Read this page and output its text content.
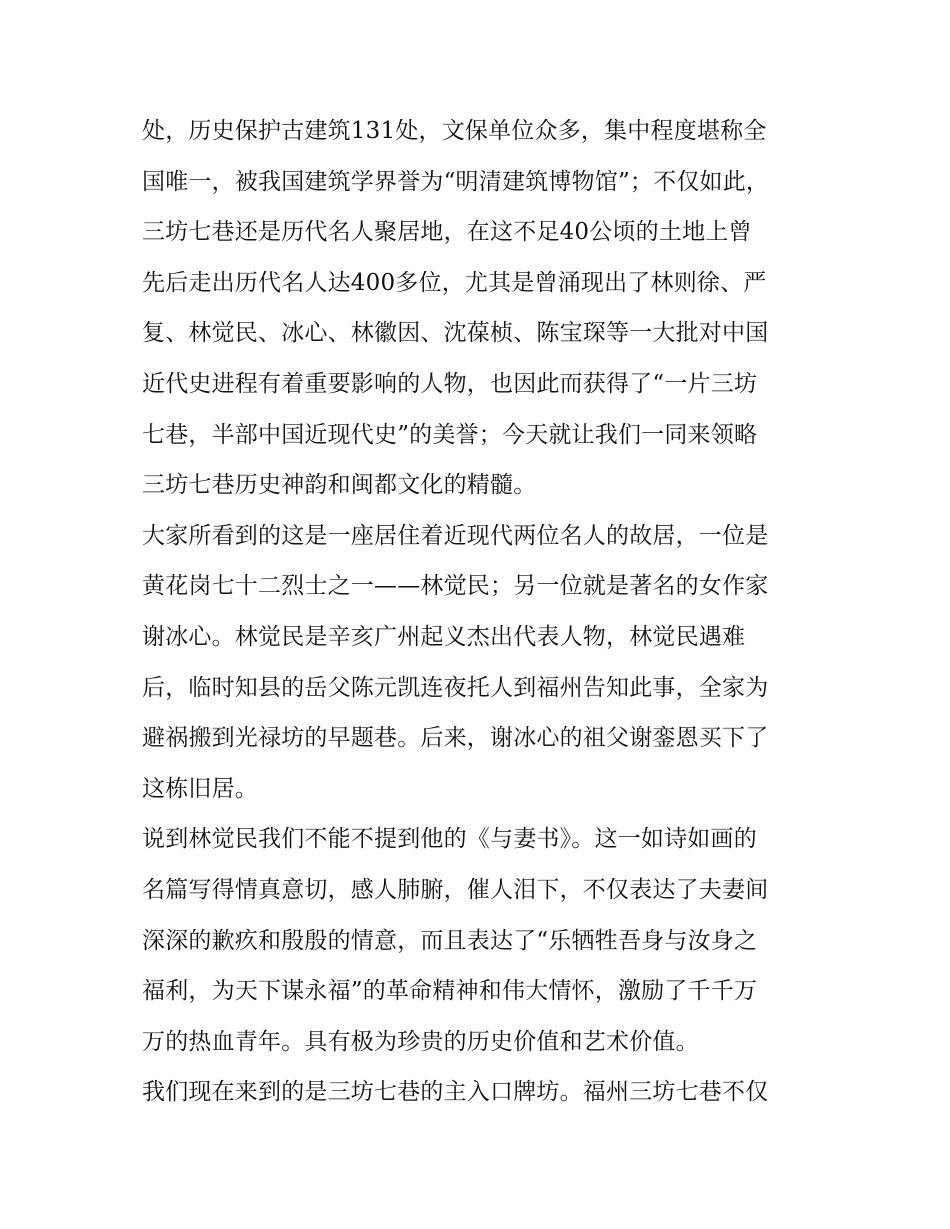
处，历史保护古建筑131处，文保单位众多，集中程度堪称全
国唯一，被我国建筑学界誉为“明清建筑博物馆”；不仅如此，
三坊七巷还是历代名人聚居地，在这不足40公顷的土地上曾
先后走出历代名人达400多位，尤其是曾涌现出了林则徐、严
复、林觉民、冰心、林徽因、沈葆桢、陈宝琛等一大批对中国
近代史进程有着重要影响的人物，也因此而获得了“一片三坊
七巷，半部中国近现代史”的美誉；今天就让我们一同来领略
三坊七巷历史神韵和闽都文化的精髓。
大家所看到的这是一座居住着近现代两位名人的故居，一位是
黄花岗七十二烈士之一——林觉民；另一位就是著名的女作家
谢冰心。林觉民是辛亥广州起义杰出代表人物，林觉民遇难
后，临时知县的岳父陈元凯连夜托人到福州告知此事，全家为
避祸搬到光禄坊的早题巷。后来，谢冰心的祖父谢銮恩买下了
这栋旧居。
说到林觉民我们不能不提到他的《与妻书》。这一如诗如画的
名篇写得情真意切，感人肺腑，催人泪下，不仅表达了夫妻间
深深的歉疚和殷殷的情意，而且表达了“乐牺牲吾身与汝身之
福利，为天下谋永福”的革命精神和伟大情怀，激励了千千万
万的热血青年。具有极为珍贵的历史价值和艺术价值。
我们现在来到的是三坊七巷的主入口牌坊。福州三坊七巷不仅
